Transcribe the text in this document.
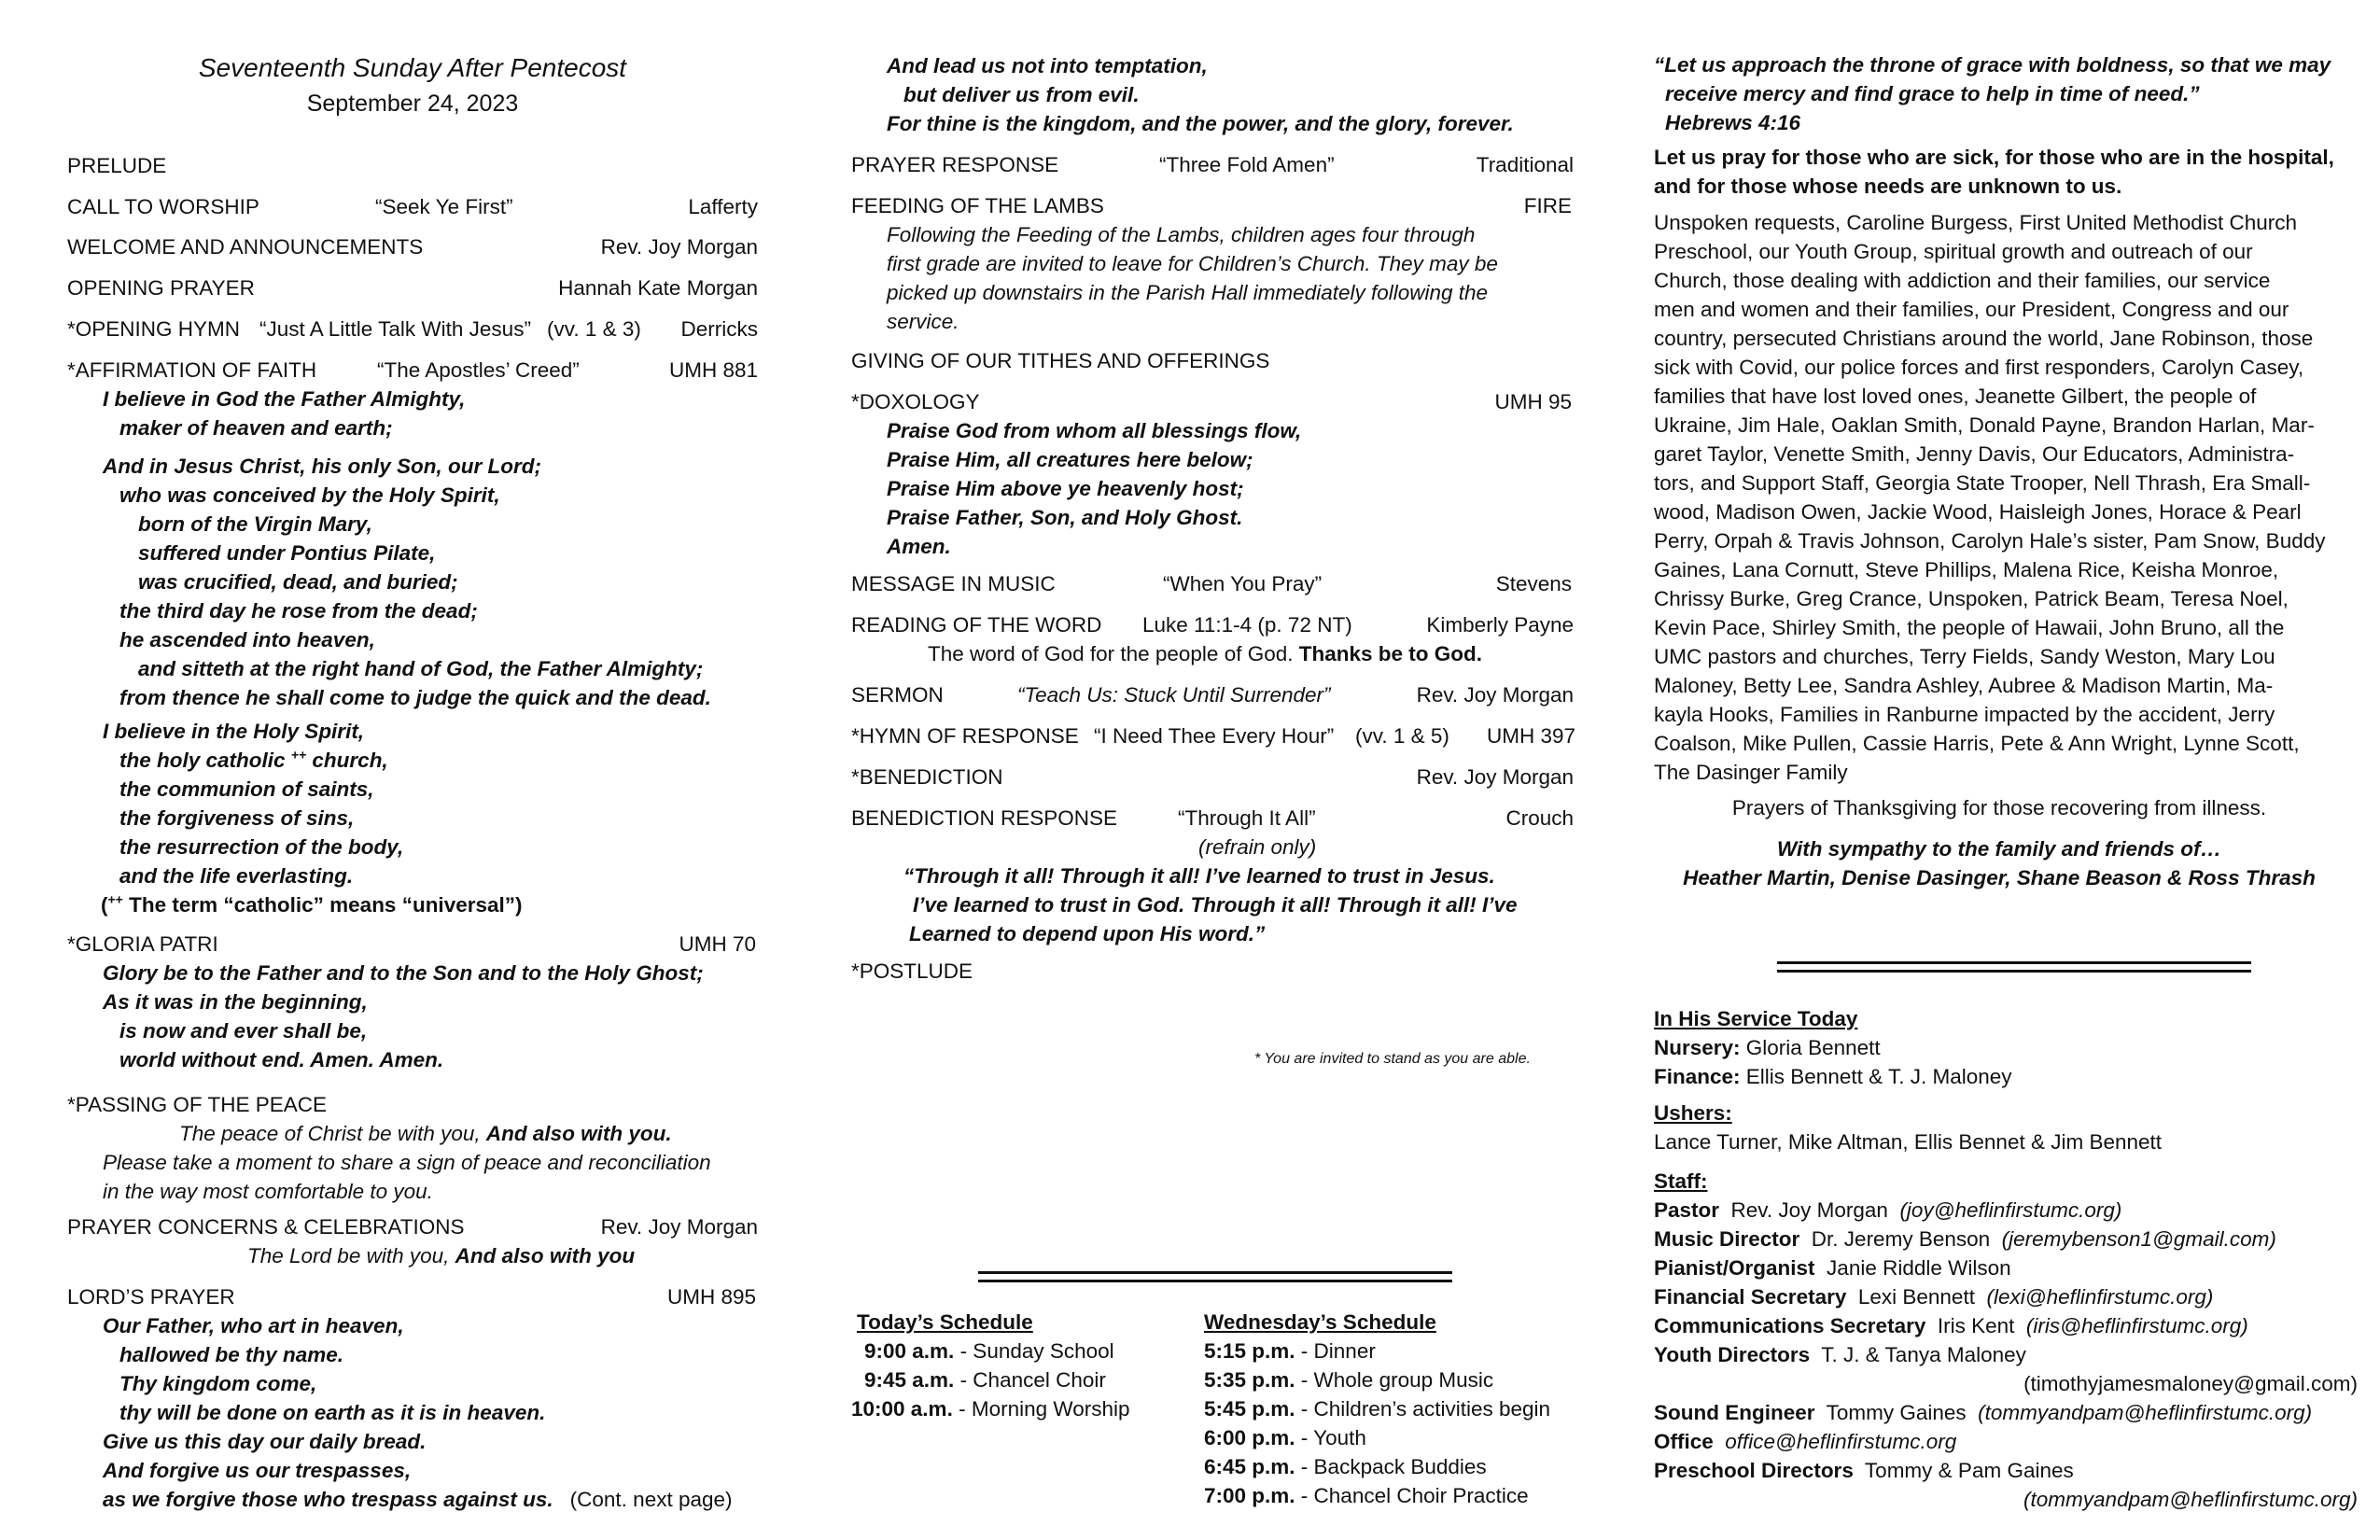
Seventeenth Sunday After Pentecost
September 24, 2023
PRELUDE
CALL TO WORSHIP	“Seek Ye First”	Lafferty
WELCOME AND ANNOUNCEMENTS	Rev. Joy Morgan
OPENING PRAYER	Hannah Kate Morgan
*OPENING HYMN “Just A Little Talk With Jesus” (vv. 1 & 3) Derricks
*AFFIRMATION OF FAITH	“The Apostles’ Creed”	UMH 881
I believe in God the Father Almighty,
maker of heaven and earth;
And in Jesus Christ, his only Son, our Lord;
who was conceived by the Holy Spirit,
born of the Virgin Mary,
suffered under Pontius Pilate,
was crucified, dead, and buried;
the third day he rose from the dead;
he ascended into heaven,
and sitteth at the right hand of God, the Father Almighty;
from thence he shall come to judge the quick and the dead.
I believe in the Holy Spirit,
the holy catholic ++ church,
the communion of saints,
the forgiveness of sins,
the resurrection of the body,
and the life everlasting.
(++ The term “catholic” means “universal”)
*GLORIA PATRI	UMH 70
Glory be to the Father and to the Son and to the Holy Ghost;
As it was in the beginning,
is now and ever shall be,
world without end. Amen. Amen.
*PASSING OF THE PEACE
The peace of Christ be with you, And also with you.
Please take a moment to share a sign of peace and reconciliation
in the way most comfortable to you.
PRAYER CONCERNS & CELEBRATIONS	Rev. Joy Morgan
The Lord be with you, And also with you
LORD’S PRAYER	UMH 895
Our Father, who art in heaven,
hallowed be thy name.
Thy kingdom come,
thy will be done on earth as it is in heaven.
Give us this day our daily bread.
And forgive us our trespasses,
as we forgive those who trespass against us. (Cont. next page)
And lead us not into temptation,
but deliver us from evil.
For thine is the kingdom, and the power, and the glory, forever.
PRAYER RESPONSE	“Three Fold Amen”	Traditional
FEEDING OF THE LAMBS	FIRE
Following the Feeding of the Lambs, children ages four through
first grade are invited to leave for Children’s Church. They may be
picked up downstairs in the Parish Hall immediately following the
service.
GIVING OF OUR TITHES AND OFFERINGS
*DOXOLOGY	UMH 95
Praise God from whom all blessings flow,
Praise Him, all creatures here below;
Praise Him above ye heavenly host;
Praise Father, Son, and Holy Ghost.
Amen.
MESSAGE IN MUSIC	“When You Pray”	Stevens
READING OF THE WORD Luke 11:1-4 (p. 72 NT)	Kimberly Payne
The word of God for the people of God. Thanks be to God.
SERMON	“Teach Us: Stuck Until Surrender”	Rev. Joy Morgan
*HYMN OF RESPONSE “I Need Thee Every Hour” (vv. 1 & 5) UMH 397
*BENEDICTION	Rev. Joy Morgan
BENEDICTION RESPONSE	“Through It All”	Crouch
(refrain only)
“Through it all! Through it all! I’ve learned to trust in Jesus.
I’ve learned to trust in God. Through it all! Through it all! I’ve
Learned to depend upon His word.”
*POSTLUDE
* You are invited to stand as you are able.
Today’s Schedule
9:00 a.m. - Sunday School
9:45 a.m. - Chancel Choir
10:00 a.m. - Morning Worship
Wednesday’s Schedule
5:15 p.m. - Dinner
5:35 p.m. - Whole group Music
5:45 p.m. - Children’s activities begin
6:00 p.m. - Youth
6:45 p.m. - Backpack Buddies
7:00 p.m. - Chancel Choir Practice
“Let us approach the throne of grace with boldness, so that we may
receive mercy and find grace to help in time of need.”
Hebrews 4:16
Let us pray for those who are sick, for those who are in the hospital,
and for those whose needs are unknown to us.
Unspoken requests, Caroline Burgess, First United Methodist Church
Preschool, our Youth Group, spiritual growth and outreach of our
Church, those dealing with addiction and their families, our service
men and women and their families, our President, Congress and our
country, persecuted Christians around the world, Jane Robinson, those
sick with Covid, our police forces and first responders, Carolyn Casey,
families that have lost loved ones, Jeanette Gilbert, the people of
Ukraine, Jim Hale, Oaklan Smith, Donald Payne, Brandon Harlan, Mar-
garet Taylor, Venette Smith, Jenny Davis, Our Educators, Administra-
tors, and Support Staff, Georgia State Trooper, Nell Thrash, Era Small-
wood, Madison Owen, Jackie Wood, Haisleigh Jones, Horace & Pearl
Perry, Orpah & Travis Johnson, Carolyn Hale’s sister, Pam Snow, Buddy
Gaines, Lana Cornutt, Steve Phillips, Malena Rice, Keisha Monroe,
Chrissy Burke, Greg Crance, Unspoken, Patrick Beam, Teresa Noel,
Kevin Pace, Shirley Smith, the people of Hawaii, John Bruno, all the
UMC pastors and churches, Terry Fields, Sandy Weston, Mary Lou
Maloney, Betty Lee, Sandra Ashley, Aubree & Madison Martin, Ma-
kayla Hooks, Families in Ranburne impacted by the accident, Jerry
Coalson, Mike Pullen, Cassie Harris, Pete & Ann Wright, Lynne Scott,
The Dasinger Family
Prayers of Thanksgiving for those recovering from illness.
With sympathy to the family and friends of…
Heather Martin, Denise Dasinger, Shane Beason & Ross Thrash
In His Service Today
Nursery: Gloria Bennett
Finance: Ellis Bennett & T. J. Maloney
Ushers:
Lance Turner, Mike Altman, Ellis Bennet & Jim Bennett
Staff:
Pastor  Rev. Joy Morgan  (joy@heflinfirstumc.org)
Music Director  Dr. Jeremy Benson  (jeremybenson1@gmail.com)
Pianist/Organist  Janie Riddle Wilson
Financial Secretary  Lexi Bennett  (lexi@heflinfirstumc.org)
Communications Secretary  Iris Kent  (iris@heflinfirstumc.org)
Youth Directors  T. J. & Tanya Maloney
(timothyjamesmaloney@gmail.com)
Sound Engineer  Tommy Gaines  (tommyandpam@heflinfirstumc.org)
Office office@heflinfirstumc.org
Preschool Directors  Tommy & Pam Gaines
(tommyandpam@heflinfirstumc.org)
